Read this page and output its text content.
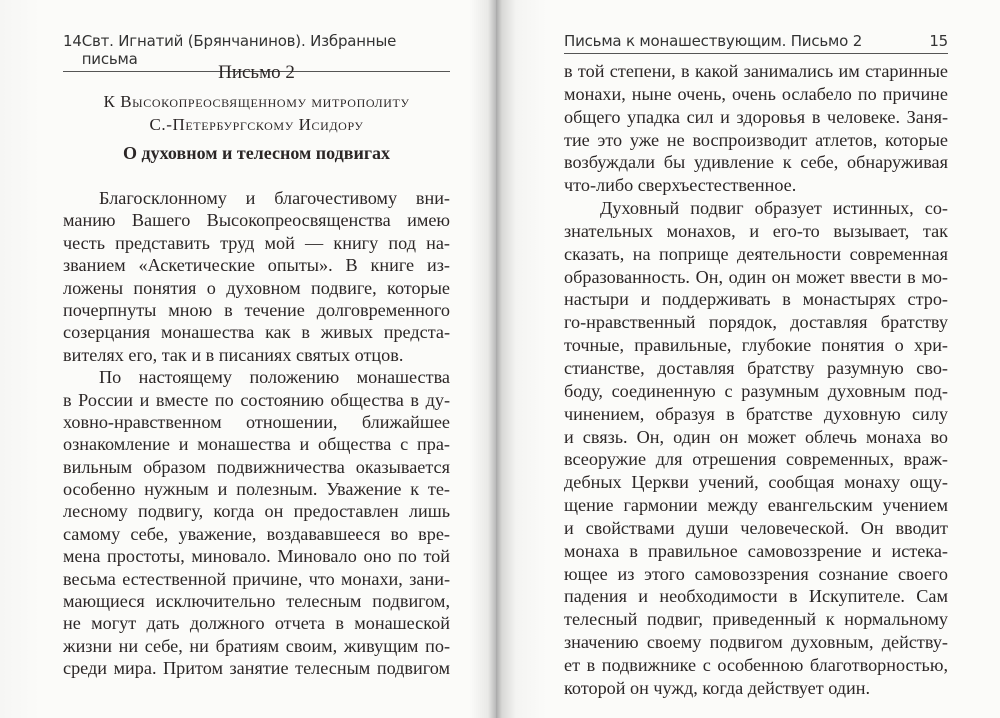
14 Свт. Игнатий (Брянчанинов). Избранные письма
Письмо 2
К Высокопреосвященному митрополиту
С.-Петербургскому Исидору
О духовном и телесном подвигах
Благосклонному и благочестивому вни-
манию Вашего Высокопреосвященства имею
честь представить труд мой — книгу под на-
званием «Аскетические опыты». В книге из-
ложены понятия о духовном подвиге, которые
почерпнуты мною в течение долговременного
созерцания монашества как в живых предста-
вителях его, так и в писаниях святых отцов.
По настоящему положению монашества
в России и вместе по состоянию общества в ду-
ховно-нравственном отношении, ближайшее
ознакомление и монашества и общества с пра-
вильным образом подвижничества оказывается
особенно нужным и полезным. Уважение к те-
лесному подвигу, когда он предоставлен лишь
самому себе, уважение, воздававшееся во вре-
мена простоты, миновало. Миновало оно по той
весьма естественной причине, что монахи, зани-
мающиеся исключительно телесным подвигом,
не могут дать должного отчета в монашеской
жизни ни себе, ни братиям своим, живущим по-
среди мира. Притом занятие телесным подвигом
Письма к монашествующим. Письмо 2	15
в той степени, в какой занимались им старинные
монахи, ныне очень, очень ослабело по причине
общего упадка сил и здоровья в человеке. Заня-
тие это уже не воспроизводит атлетов, которые
возбуждали бы удивление к себе, обнаруживая
что-либо сверхъестественное.
Духовный подвиг образует истинных, со-
знательных монахов, и его-то вызывает, так
сказать, на поприще деятельности современная
образованность. Он, один он может ввести в мо-
настыри и поддерживать в монастырях стро-
го-нравственный порядок, доставляя братству
точные, правильные, глубокие понятия о хри-
стианстве, доставляя братству разумную сво-
боду, соединенную с разумным духовным под-
чинением, образуя в братстве духовную силу
и связь. Он, один он может облечь монаха во
всеоружие для отрешения современных, враж-
дебных Церкви учений, сообщая монаху ощу-
щение гармонии между евангельским учением
и свойствами души человеческой. Он вводит
монаха в правильное самовоззрение и истека-
ющее из этого самовоззрения сознание своего
падения и необходимости в Искупителе. Сам
телесный подвиг, приведенный к нормальному
значению своему подвигом духовным, действу-
ет в подвижнике с особенною благотворностью,
которой он чужд, когда действует один.
